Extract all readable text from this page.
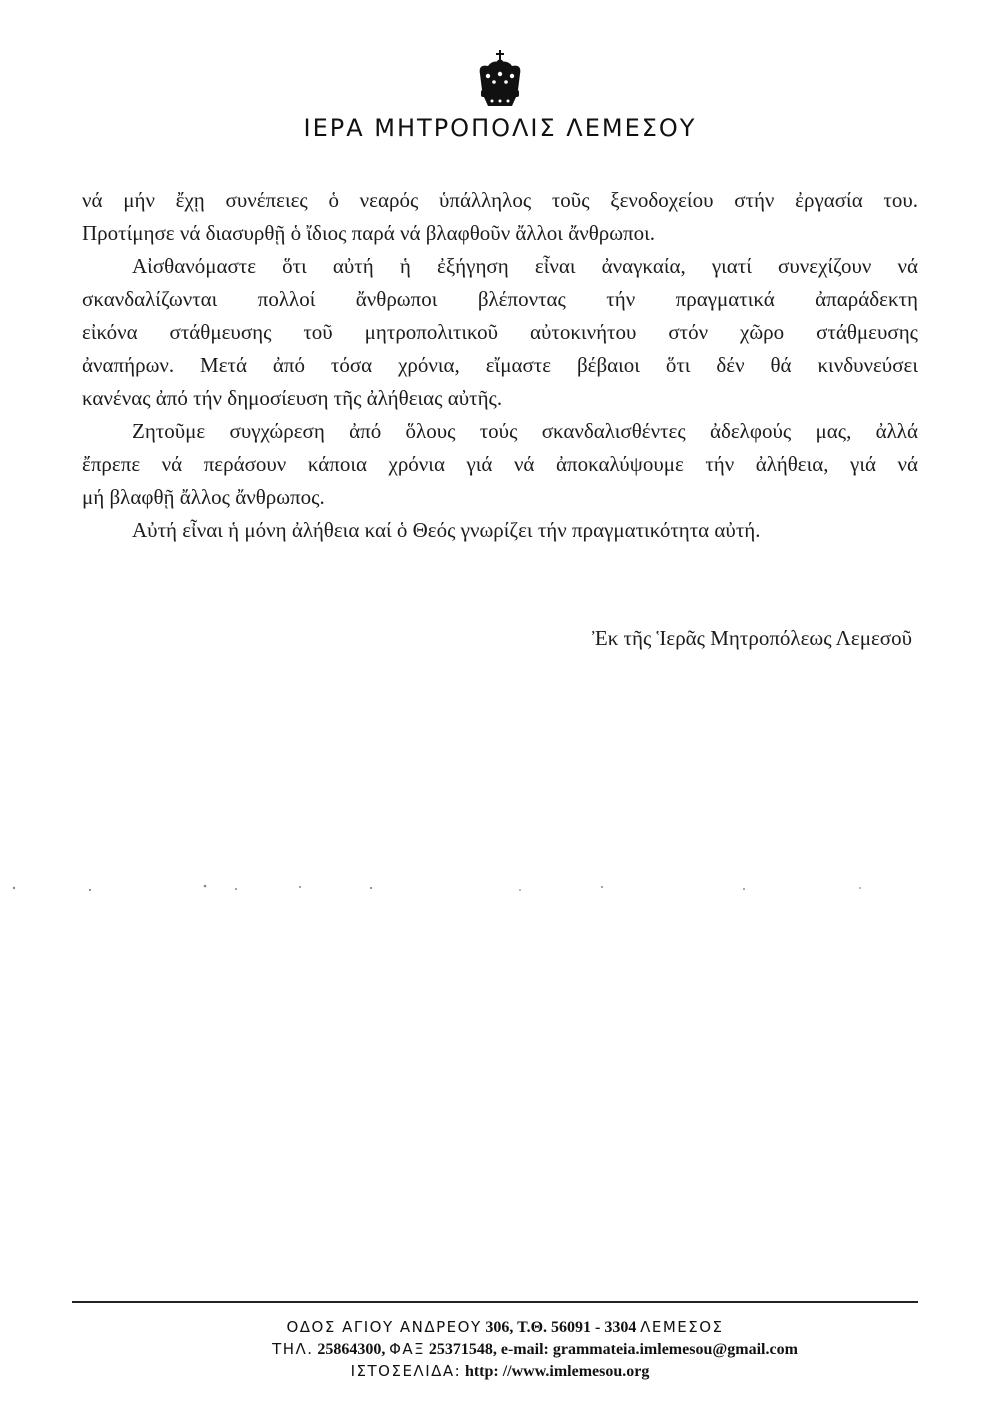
ΙΕΡΑ ΜΗΤΡΟΠΟΛΙΣ ΛΕΜΕΣΟΥ
νά μήν ἔχῃ συνέπειες ὁ νεαρός ὑπάλληλος τοῦς ξενοδοχείου στήν ἐργασία του.
Προτίμησε νά διασυρθῇ ὁ ἴδιος παρά νά βλαφθοῦν ἄλλοι ἄνθρωποι.
Αἰσθανόμαστε ὅτι αὐτή ἡ ἐξήγηση εἶναι ἀναγκαία, γιατί συνεχίζουν νά
σκανδαλίζωνται πολλοί ἄνθρωποι βλέποντας τήν πραγματικά ἀπαράδεκτη
εἰκόνα στάθμευσης τοῦ μητροπολιτικοῦ αὐτοκινήτου στόν χῶρο στάθμευσης
ἀναπήρων. Μετά ἀπό τόσα χρόνια, εἴμαστε βέβαιοι ὅτι δέν θά κινδυνεύσει
κανένας ἀπό τήν δημοσίευση τῆς ἀλήθειας αὐτῆς.
Ζητοῦμε συγχώρεση ἀπό ὅλους τούς σκανδαλισθέντες ἀδελφούς μας, ἀλλά
ἔπρεπε νά περάσουν κάποια χρόνια γιά νά ἀποκαλύψουμε τήν ἀλήθεια, γιά νά
μή βλαφθῇ ἄλλος ἄνθρωπος.
Αὐτή εἶναι ἡ μόνη ἀλήθεια καί ὁ Θεός γνωρίζει τήν πραγματικότητα αὐτή.
Ἐκ τῆς Ἱερᾶς Μητροπόλεως Λεμεσοῦ
ΟΔΟΣ ΑΓΙΟΥ ΑΝΔΡΕΟΥ 306, Τ.Θ. 56091 - 3304 ΛΕΜΕΣΟΣ
ΤΗΛ. 25864300, ΦΑΞ 25371548, e-mail: grammateia.imlemesou@gmail.com
ΙΣΤΟΣΕΛΙΔΑ: http: //www.imlemesou.org
